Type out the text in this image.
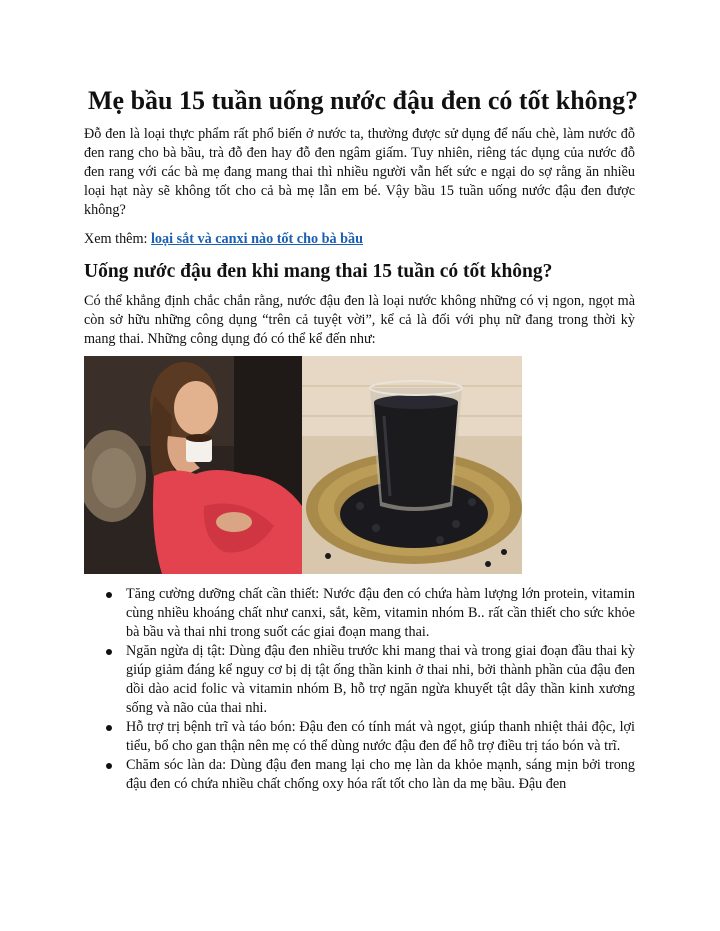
Mẹ bầu 15 tuần uống nước đậu đen có tốt không?

Đỗ đen là loại thực phẩm rất phổ biến ở nước ta, thường được sử dụng để nấu chè, làm nước đỗ đen rang cho bà bầu, trà đỗ đen hay đỗ đen ngâm giấm. Tuy nhiên, riêng tác dụng của nước đỗ đen rang với các bà mẹ đang mang thai thì nhiều người vẫn hết sức e ngại do sợ rằng ăn nhiều loại hạt này sẽ không tốt cho cả bà mẹ lẫn em bé. Vậy bầu 15 tuần uống nước đậu đen được không?

Xem thêm: loại sắt và canxi nào tốt cho bà bầu
Uống nước đậu đen khi mang thai 15 tuần có tốt không?

Có thể khẳng định chắc chắn rằng, nước đậu đen là loại nước không những có vị ngon, ngọt mà còn sở hữu những công dụng “trên cả tuyệt vời”, kể cả là đối với phụ nữ đang trong thời kỳ mang thai. Những công dụng đó có thể kể đến như:

Tăng cường dưỡng chất cần thiết: Nước đậu đen có chứa hàm lượng lớn protein, vitamin cùng nhiều khoáng chất như canxi, sắt, kẽm, vitamin nhóm B.. rất cần thiết cho sức khỏe bà bầu và thai nhi trong suốt các giai đoạn mang thai.
Ngăn ngừa dị tật: Dùng đậu đen nhiều trước khi mang thai và trong giai đoạn đầu thai kỳ giúp giảm đáng kể nguy cơ bị dị tật ống thần kinh ở thai nhi, bởi thành phần của đậu đen dồi dào acid folic và vitamin nhóm B, hỗ trợ ngăn ngừa khuyết tật dây thần kinh xương sống và não của thai nhi.
Hỗ trợ trị bệnh trĩ và táo bón: Đậu đen có tính mát và ngọt, giúp thanh nhiệt thải độc, lợi tiểu, bổ cho gan thận nên mẹ có thể dùng nước đậu đen để hỗ trợ điều trị táo bón và trĩ.
Chăm sóc làn da: Dùng đậu đen mang lại cho mẹ làn da khỏe mạnh, sáng mịn bởi trong đậu đen có chứa nhiều chất chống oxy hóa rất tốt cho làn da mẹ bầu. Đậu đen
